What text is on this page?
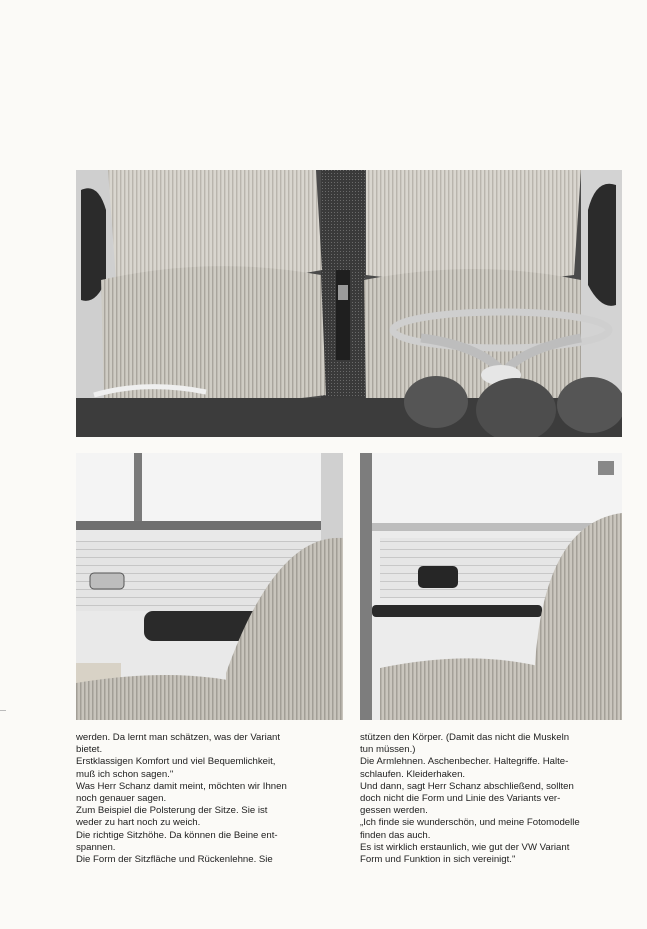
werden. Da lernt man schätzen, was der Variant
bietet.

Erstklassigen Komfort und viel Bequemlichkeit,
muß ich schon sagen."

Was Herr Schanz damit meint, möchten wir Ihnen
noch genauer sagen.

Zum Beispiel die Polsterung der Sitze. Sie ist
weder zu hart noch zu weich.

Die richtige Sitzhöhe. Da können die Beine ent-
spannen.

Die Form der Sitzfläche und Rückenlehne. Sie

stützen den Körper. (Damit das nicht die Muskeln
tun müssen.)

Die Armlehnen. Aschenbecher. Haltegriffe. Halte-
schlaufen. Kleiderhaken.

Und dann, sagt Herr Schanz abschließend, sollten
doch nicht die Form und Linie des Variants ver-
gessen werden.

„Ich finde sie wunderschön, und meine Fotomodelle
finden das auch.

Es ist wirklich erstaunlich, wie gut der VW Variant
Form und Funktion in sich vereinigt."
